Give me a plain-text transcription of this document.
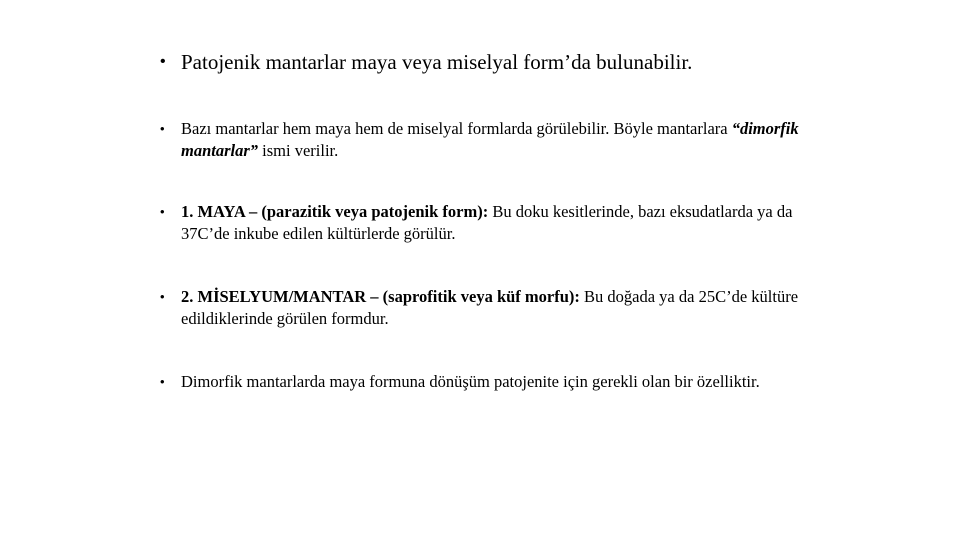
• Patojenik mantarlar maya veya miselyal form’da bulunabilir.
• Bazı mantarlar hem maya hem de miselyal formlarda görülebilir. Böyle mantarlara “dimorfik mantarlar” ismi verilir.
• 1. MAYA – (parazitik veya patojenik form): Bu doku kesitlerinde, bazı eksudatlarda ya da 37C’de inkube edilen kültürlerde görülür.
• 2. MİSELYUM/MANTAR – (saprofitik veya küf morfu): Bu doğada ya da 25C’de kültüre edildiklerinde görülen formdur.
• Dimorfik mantarlarda maya formuna dönüşüm patojenite için gerekli olan bir özelliktir.
